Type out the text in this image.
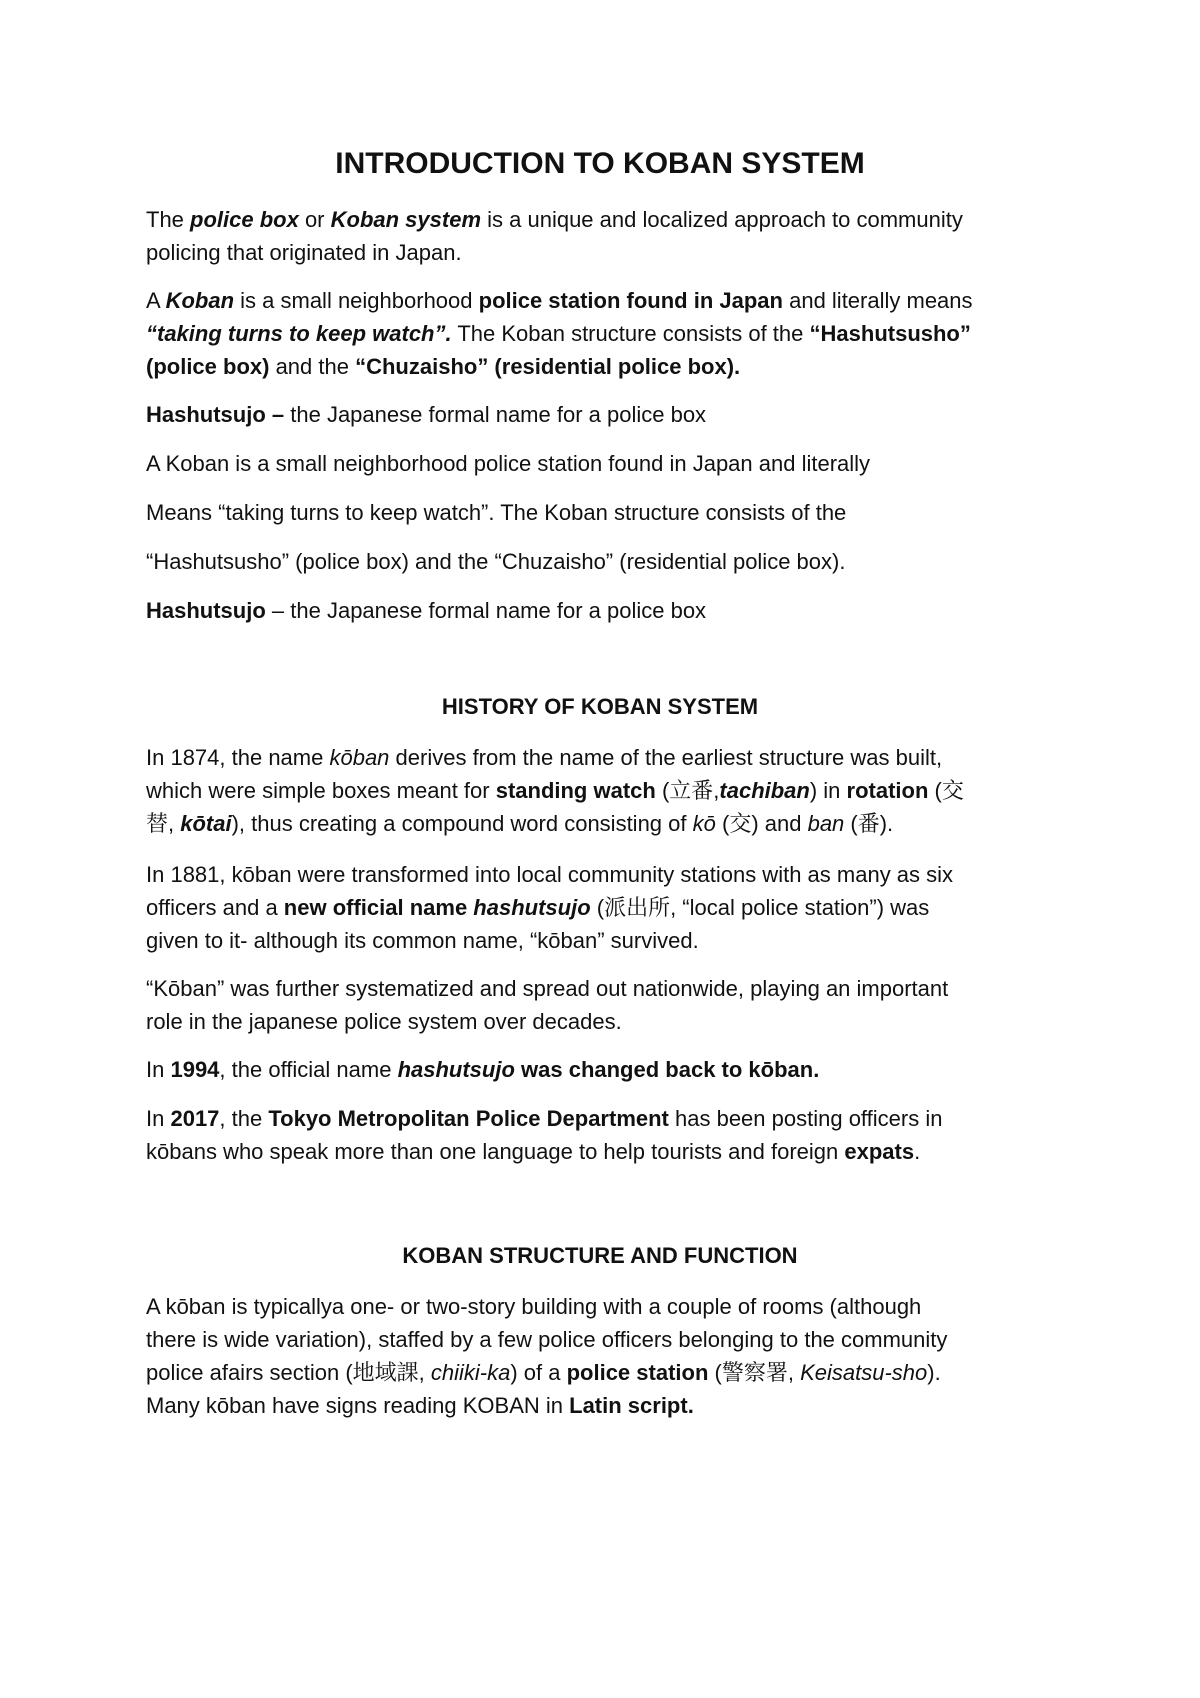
INTRODUCTION TO KOBAN SYSTEM
The police box or Koban system is a unique and localized approach to community
policing that originated in Japan.
A Koban is a small neighborhood police station found in Japan and literally means
“taking turns to keep watch”. The Koban structure consists of the “Hashutsusho”
(police box) and the “Chuzaisho” (residential police box).
Hashutsujo – the Japanese formal name for a police box
A Koban is a small neighborhood police station found in Japan and literally
Means “taking turns to keep watch”. The Koban structure consists of the
“Hashutsusho” (police box) and the “Chuzaisho” (residential police box).
Hashutsujo – the Japanese formal name for a police box
HISTORY OF KOBAN SYSTEM
In 1874, the name kōban derives from the name of the earliest structure was built,
which were simple boxes meant for standing watch (立番,tachiban) in rotation (交
替, kōtai), thus creating a compound word consisting of kō (交) and ban (番).
In 1881, kōban were transformed into local community stations with as many as six
officers and a new official name hashutsujo (派出所, “local police station”) was
given to it- although its common name, “kōban” survived.
“Kōban” was further systematized and spread out nationwide, playing an important
role in the japanese police system over decades.
In 1994, the official name hashutsujo was changed back to kōban.
In 2017, the Tokyo Metropolitan Police Department has been posting officers in
kōbans who speak more than one language to help tourists and foreign expats.
KOBAN STRUCTURE AND FUNCTION
A kōban is typicallya one- or two-story building with a couple of rooms (although
there is wide variation), staffed by a few police officers belonging to the community
police afairs section (地域課, chiiki-ka) of a police station (警察署, Keisatsu-sho).
Many kōban have signs reading KOBAN in Latin script.
